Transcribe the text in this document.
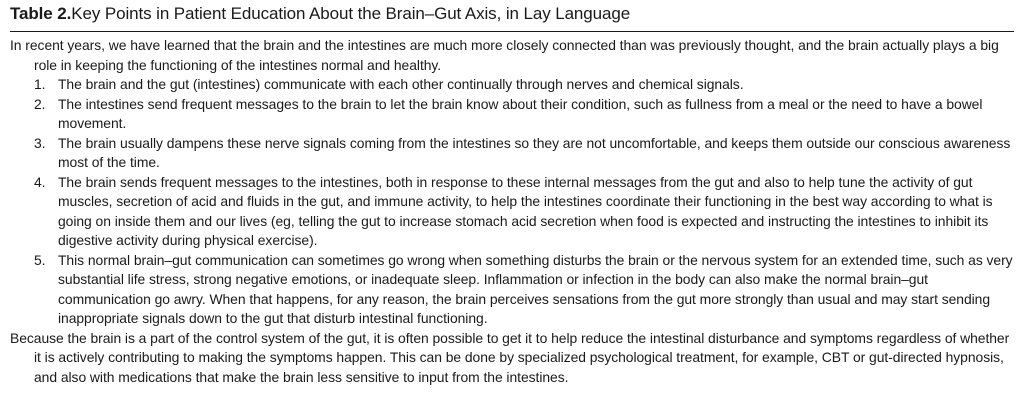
Table 2.Key Points in Patient Education About the Brain–Gut Axis, in Lay Language

In recent years, we have learned that the brain and the intestines are much more closely connected than was previously thought, and the brain actually plays a big role in keeping the functioning of the intestines normal and healthy.

1. The brain and the gut (intestines) communicate with each other continually through nerves and chemical signals.
2. The intestines send frequent messages to the brain to let the brain know about their condition, such as fullness from a meal or the need to have a bowel movement.
3. The brain usually dampens these nerve signals coming from the intestines so they are not uncomfortable, and keeps them outside our conscious awareness most of the time.
4. The brain sends frequent messages to the intestines, both in response to these internal messages from the gut and also to help tune the activity of gut muscles, secretion of acid and fluids in the gut, and immune activity, to help the intestines coordinate their functioning in the best way according to what is going on inside them and our lives (eg, telling the gut to increase stomach acid secretion when food is expected and instructing the intestines to inhibit its digestive activity during physical exercise).
5. This normal brain–gut communication can sometimes go wrong when something disturbs the brain or the nervous system for an extended time, such as very substantial life stress, strong negative emotions, or inadequate sleep. Inflammation or infection in the body can also make the normal brain–gut communication go awry. When that happens, for any reason, the brain perceives sensations from the gut more strongly than usual and may start sending inappropriate signals down to the gut that disturb intestinal functioning.

Because the brain is a part of the control system of the gut, it is often possible to get it to help reduce the intestinal disturbance and symptoms regardless of whether it is actively contributing to making the symptoms happen. This can be done by specialized psychological treatment, for example, CBT or gut-directed hypnosis, and also with medications that make the brain less sensitive to input from the intestines.
